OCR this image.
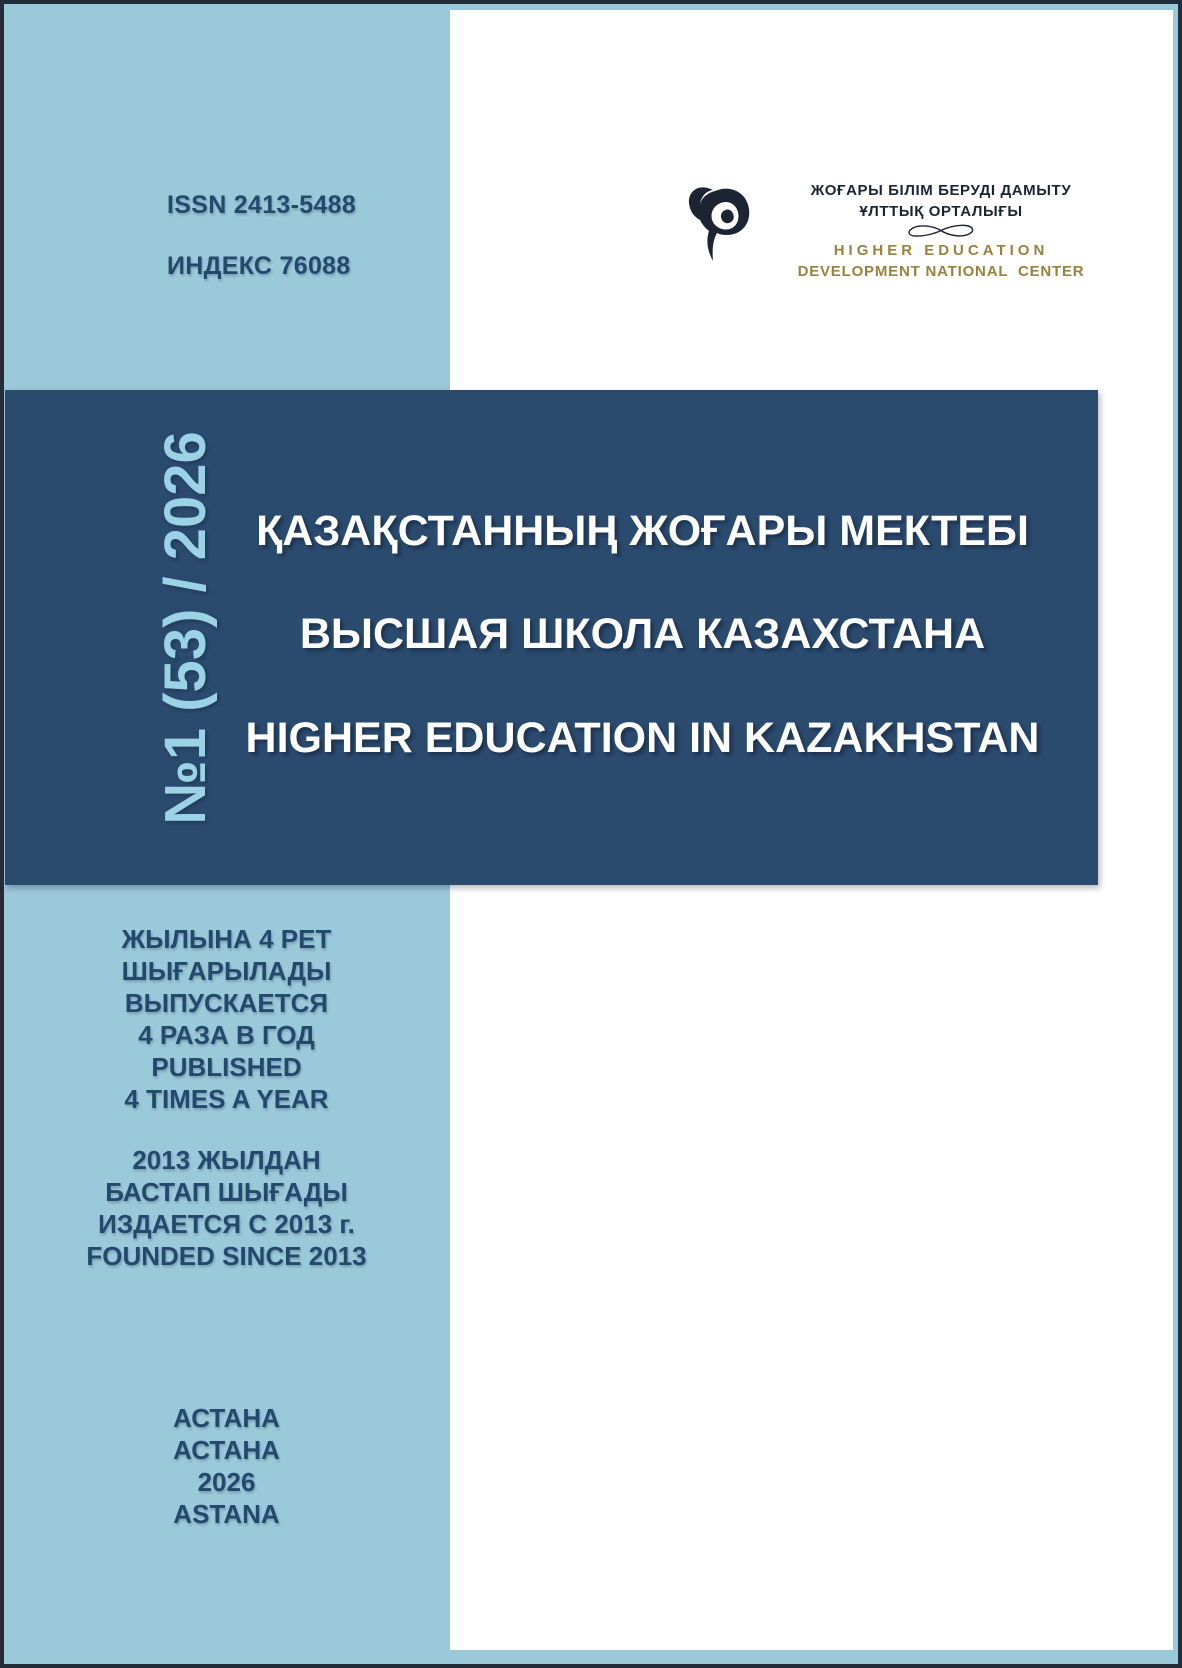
ISSN 2413-5488
ИНДЕКС 76088
ЖОҒАРЫ БІЛІМ БЕРУДІ ДАМЫТУ
ҰЛТТЫҚ ОРТАЛЫҒЫ
HIGHER EDUCATION
DEVELOPMENT NATIONAL  CENTER
№1 (53) / 2026 ҚАЗАҚСТАННЫҢ ЖОҒАРЫ МЕКТЕБІ
ВЫСШАЯ ШКОЛА КАЗАХСТАНА
HIGHER EDUCATION IN KAZAKHSTAN
ЖЫЛЫНА 4 РЕТ
ШЫҒАРЫЛАДЫ
ВЫПУСКАЕТСЯ
4 РАЗА В ГОД
PUBLISHED
4 TIMES A YEAR
2013 ЖЫЛДАН
БАСТАП ШЫҒАДЫ
ИЗДАЕТСЯ С 2013 г.
FOUNDED SINCE 2013
АСТАНА
АСТАНА
2026
ASTANA
